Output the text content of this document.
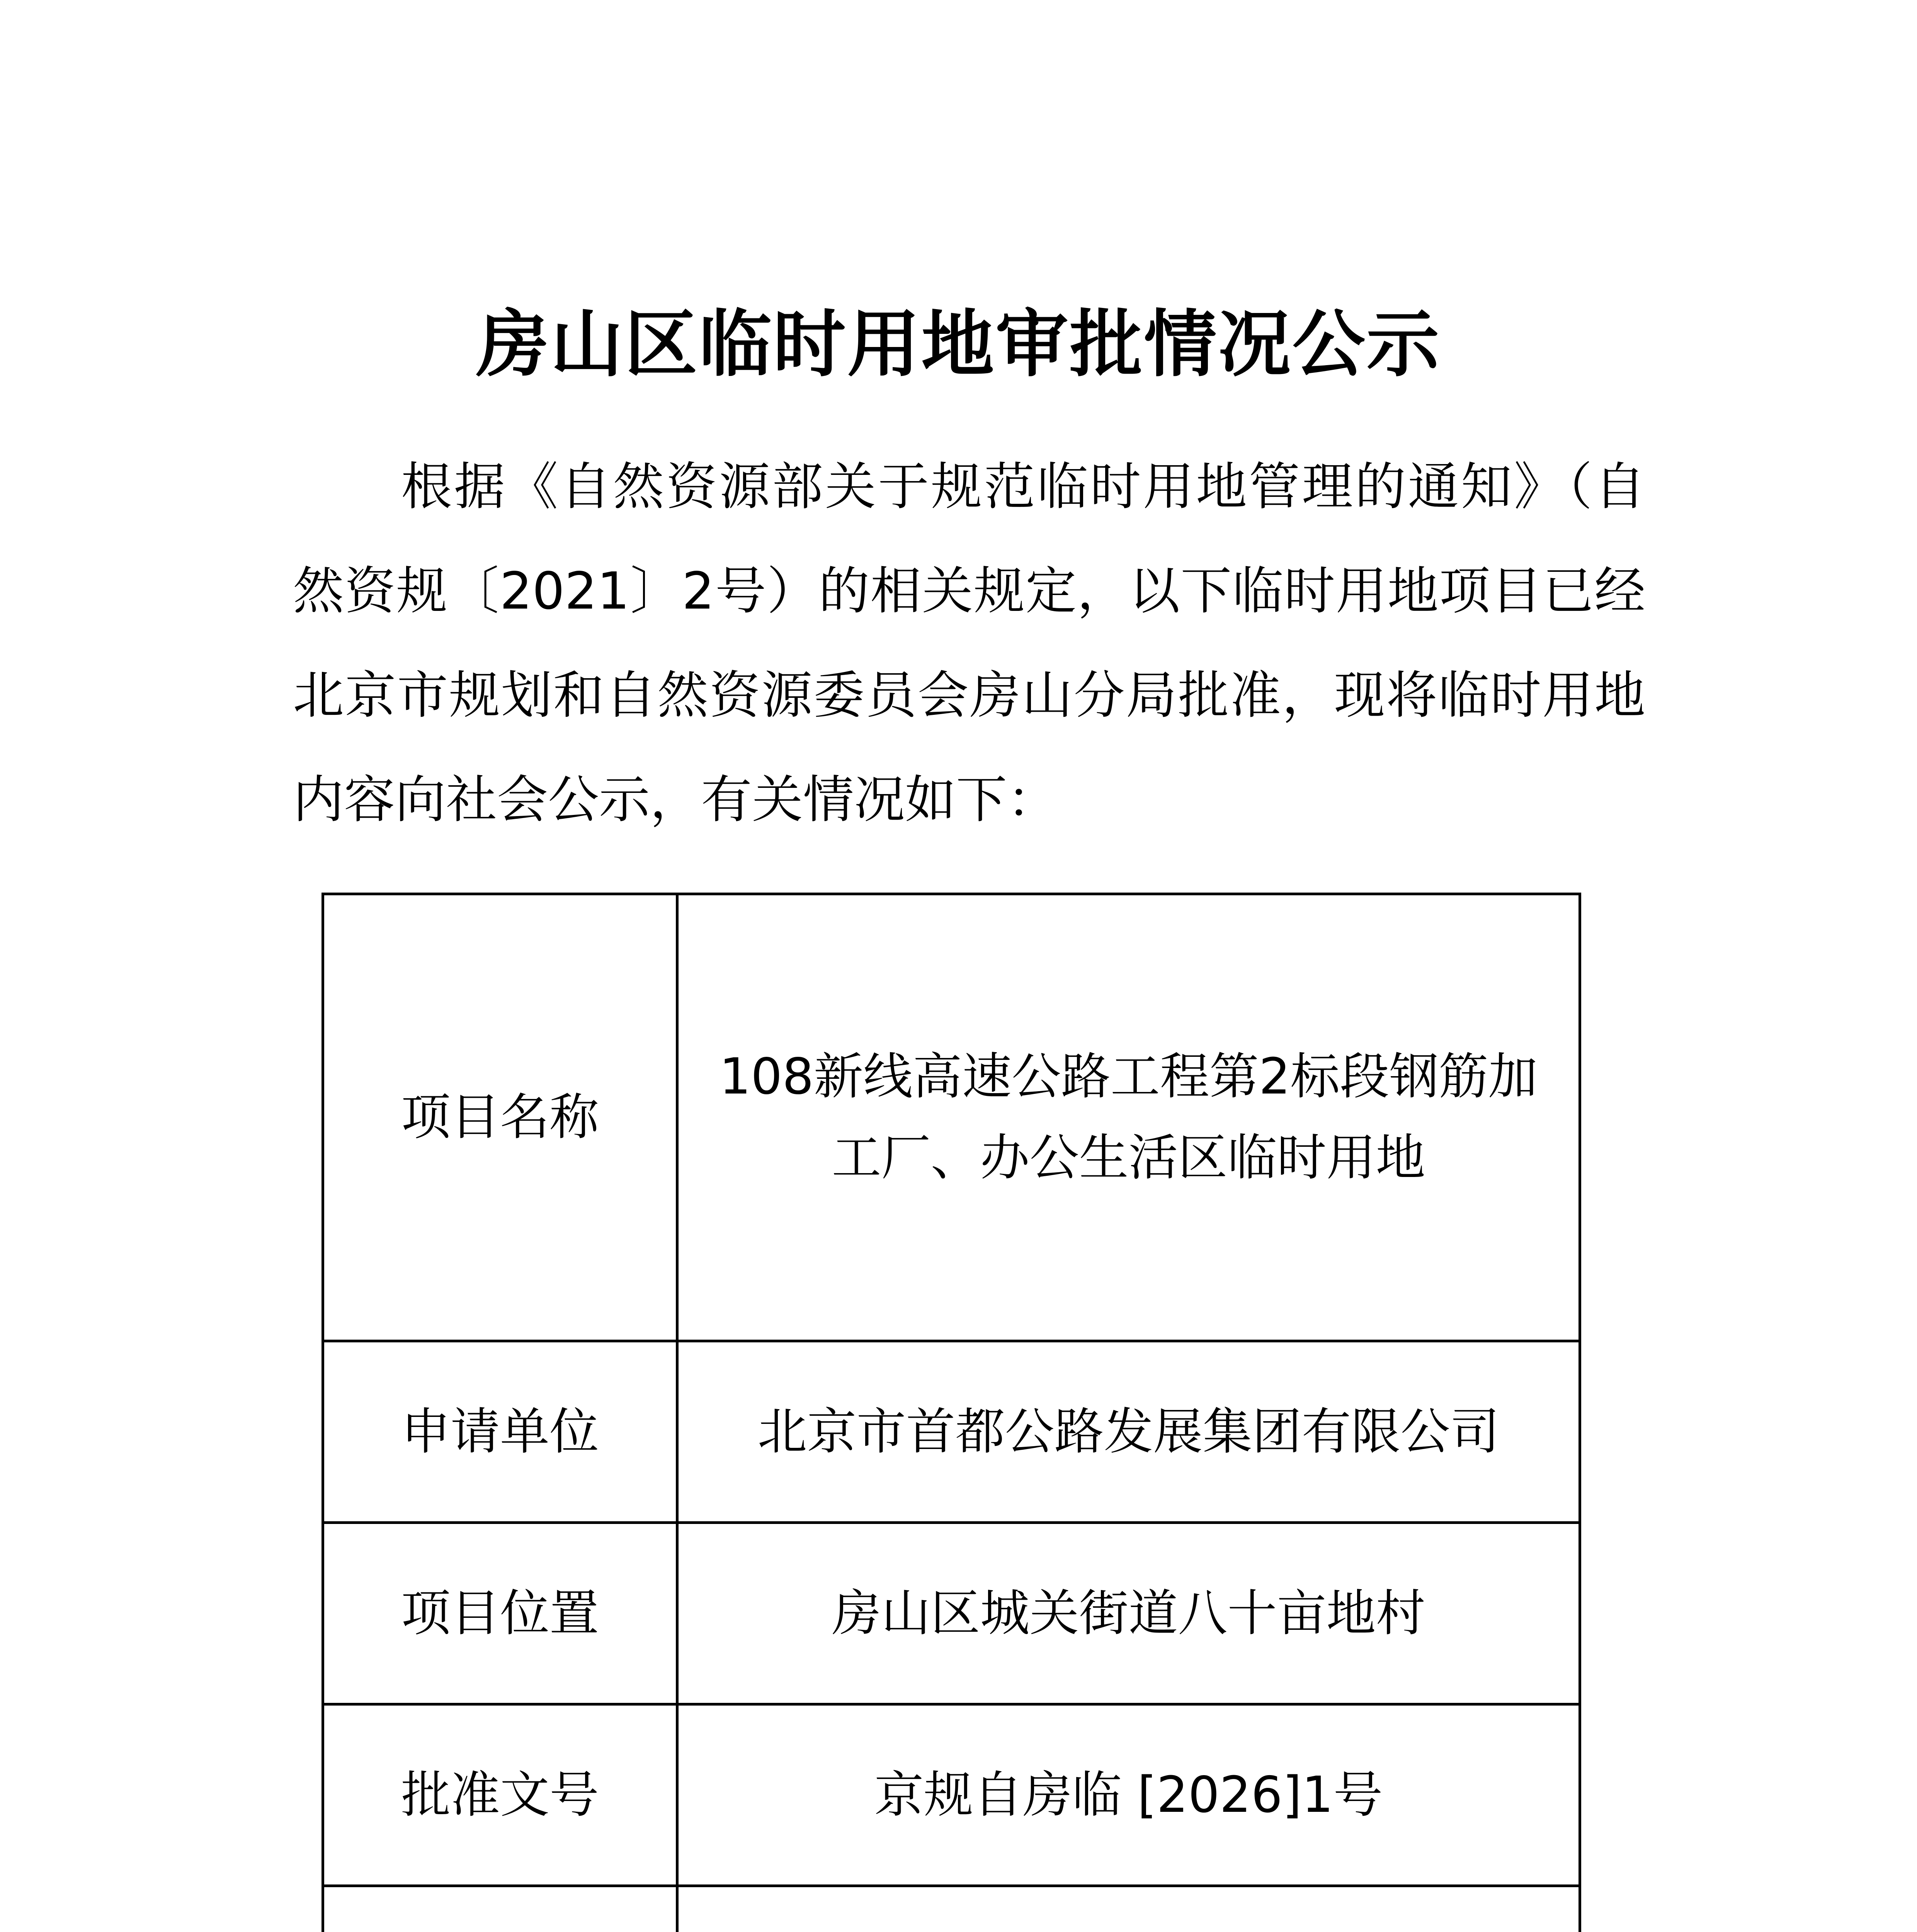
房山区临时用地审批情况公示

根据《自然资源部关于规范临时用地管理的通知》（自然资规〔2021〕2号）的相关规定，以下临时用地项目已经北京市规划和自然资源委员会房山分局批准，现将临时用地内容向社会公示，有关情况如下：

项目名称	108新线高速公路工程第2标段钢筋加工厂、办公生活区临时用地
申请单位	北京市首都公路发展集团有限公司
项目位置	房山区城关街道八十亩地村
批准文号	京规自房临 [2026]1号
